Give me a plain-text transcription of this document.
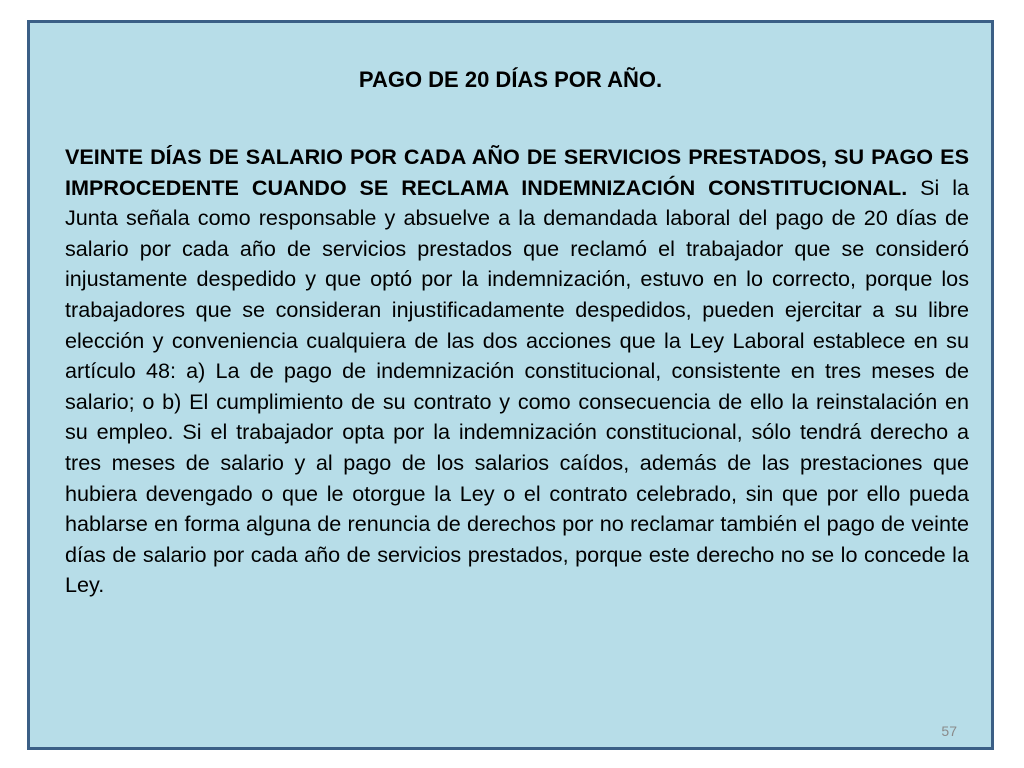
PAGO DE 20 DÍAS POR AÑO.

VEINTE DÍAS DE SALARIO POR CADA AÑO DE SERVICIOS PRESTADOS, SU PAGO ES IMPROCEDENTE CUANDO SE RECLAMA INDEMNIZACIÓN CONSTITUCIONAL. Si la Junta señala como responsable y absuelve a la demandada laboral del pago de 20 días de salario por cada año de servicios prestados que reclamó el trabajador que se consideró injustamente despedido y que optó por la indemnización, estuvo en lo correcto, porque los trabajadores que se consideran injustificadamente despedidos, pueden ejercitar a su libre elección y conveniencia cualquiera de las dos acciones que la Ley Laboral establece en su artículo 48: a) La de pago de indemnización constitucional, consistente en tres meses de salario; o b) El cumplimiento de su contrato y como consecuencia de ello la reinstalación en su empleo. Si el trabajador opta por la indemnización constitucional, sólo tendrá derecho a tres meses de salario y al pago de los salarios caídos, además de las prestaciones que hubiera devengado o que le otorgue la Ley o el contrato celebrado, sin que por ello pueda hablarse en forma alguna de renuncia de derechos por no reclamar también el pago de veinte días de salario por cada año de servicios prestados, porque este derecho no se lo concede la Ley.

57
